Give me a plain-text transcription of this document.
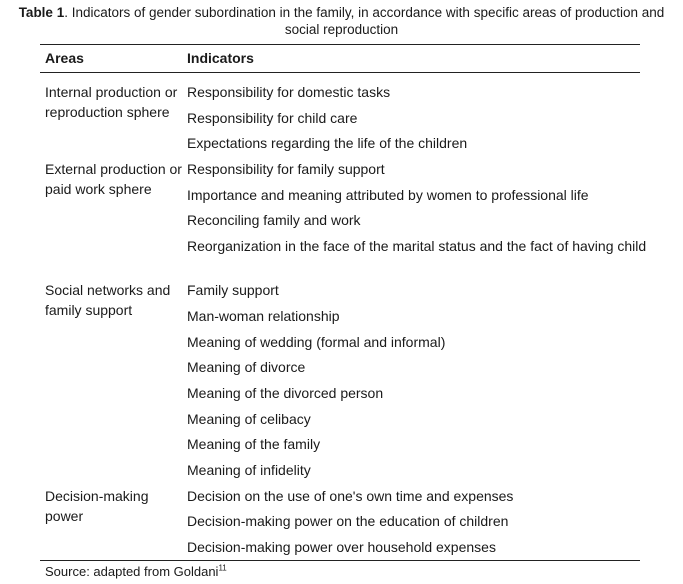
Table 1. Indicators of gender subordination in the family, in accordance with specific areas of production and social reproduction
Areas	Indicators
Internal production or reproduction sphere
Responsibility for domestic tasks
Responsibility for child care
Expectations regarding the life of the children
External production or paid work sphere
Responsibility for family support
Importance and meaning attributed by women to professional life
Reconciling family and work
Reorganization in the face of the marital status and the fact of having child
Social networks and family support
Family support
Man-woman relationship
Meaning of wedding (formal and informal)
Meaning of divorce
Meaning of the divorced person
Meaning of celibacy
Meaning of the family
Meaning of infidelity
Decision-making power
Decision on the use of one's own time and expenses
Decision-making power on the education of children
Decision-making power over household expenses
Source: adapted from Goldani$^{11}$
